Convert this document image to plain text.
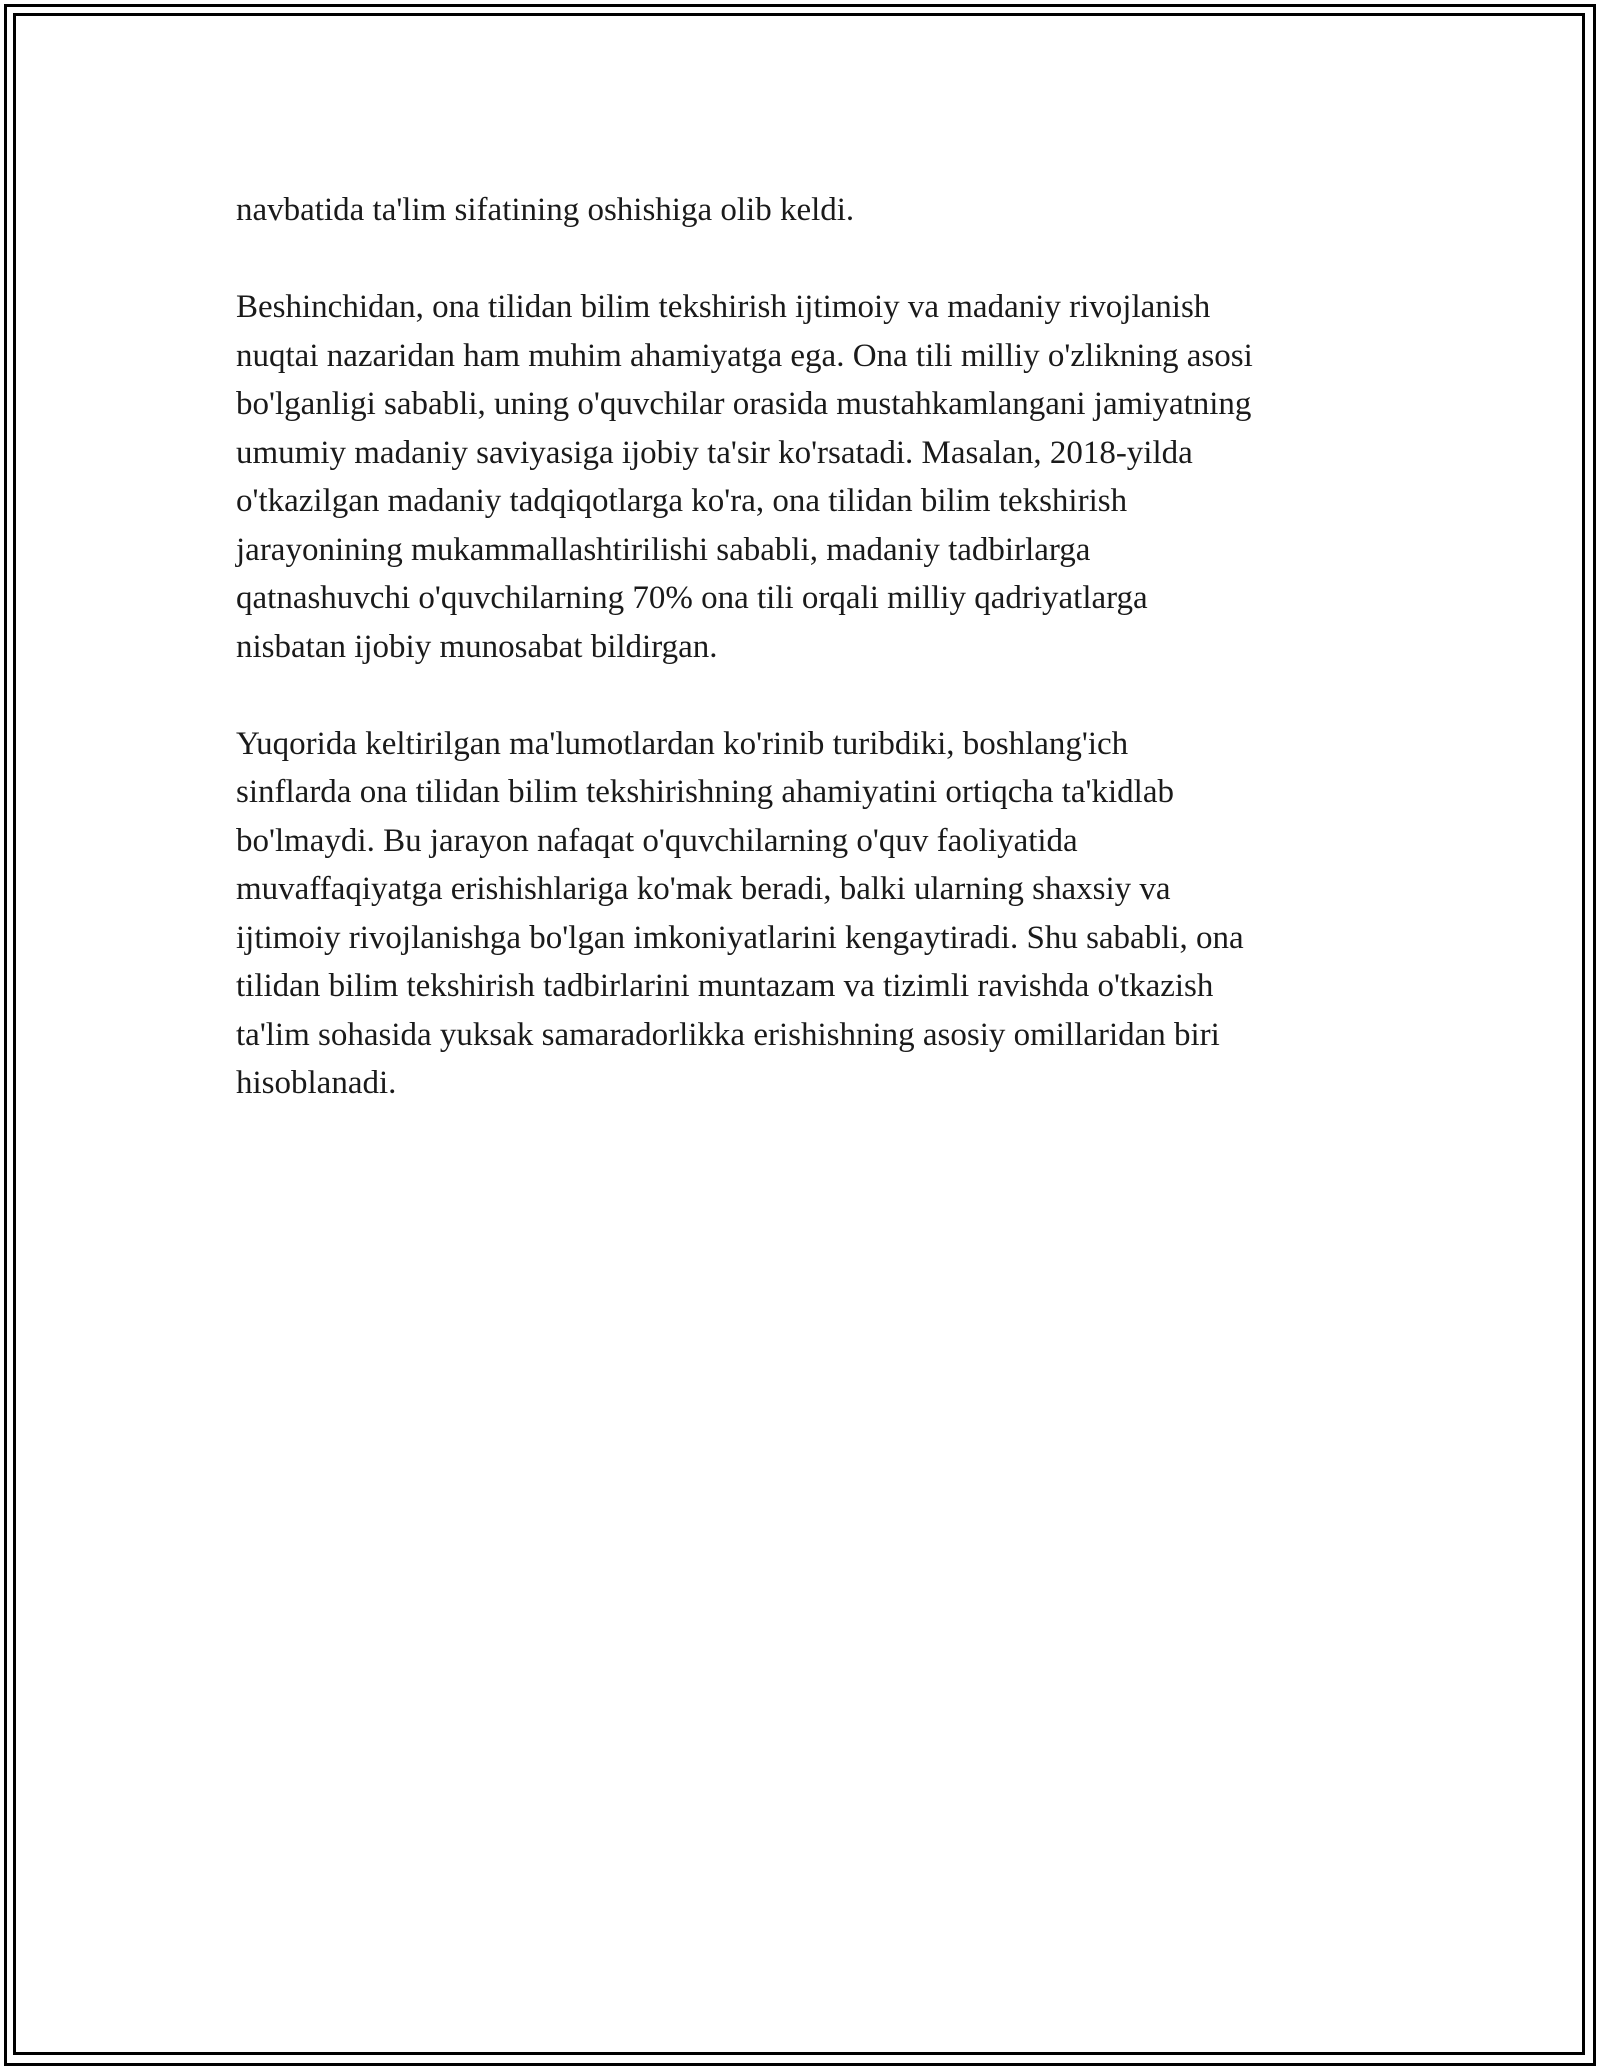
navbatida ta'lim sifatining oshishiga olib keldi.

Beshinchidan, ona tilidan bilim tekshirish ijtimoiy va madaniy rivojlanish
nuqtai nazaridan ham muhim ahamiyatga ega. Ona tili milliy o'zlikning asosi
bo'lganligi sababli, uning o'quvchilar orasida mustahkamlangani jamiyatning
umumiy madaniy saviyasiga ijobiy ta'sir ko'rsatadi. Masalan, 2018-yilda
o'tkazilgan madaniy tadqiqotlarga ko'ra, ona tilidan bilim tekshirish
jarayonining mukammallashtirilishi sababli, madaniy tadbirlarga
qatnashuvchi o'quvchilarning 70% ona tili orqali milliy qadriyatlarga
nisbatan ijobiy munosabat bildirgan.

Yuqorida keltirilgan ma'lumotlardan ko'rinib turibdiki, boshlang'ich
sinflarda ona tilidan bilim tekshirishning ahamiyatini ortiqcha ta'kidlab
bo'lmaydi. Bu jarayon nafaqat o'quvchilarning o'quv faoliyatida
muvaffaqiyatga erishishlariga ko'mak beradi, balki ularning shaxsiy va
ijtimoiy rivojlanishga bo'lgan imkoniyatlarini kengaytiradi. Shu sababli, ona
tilidan bilim tekshirish tadbirlarini muntazam va tizimli ravishda o'tkazish
ta'lim sohasida yuksak samaradorlikka erishishning asosiy omillaridan biri
hisoblanadi.
